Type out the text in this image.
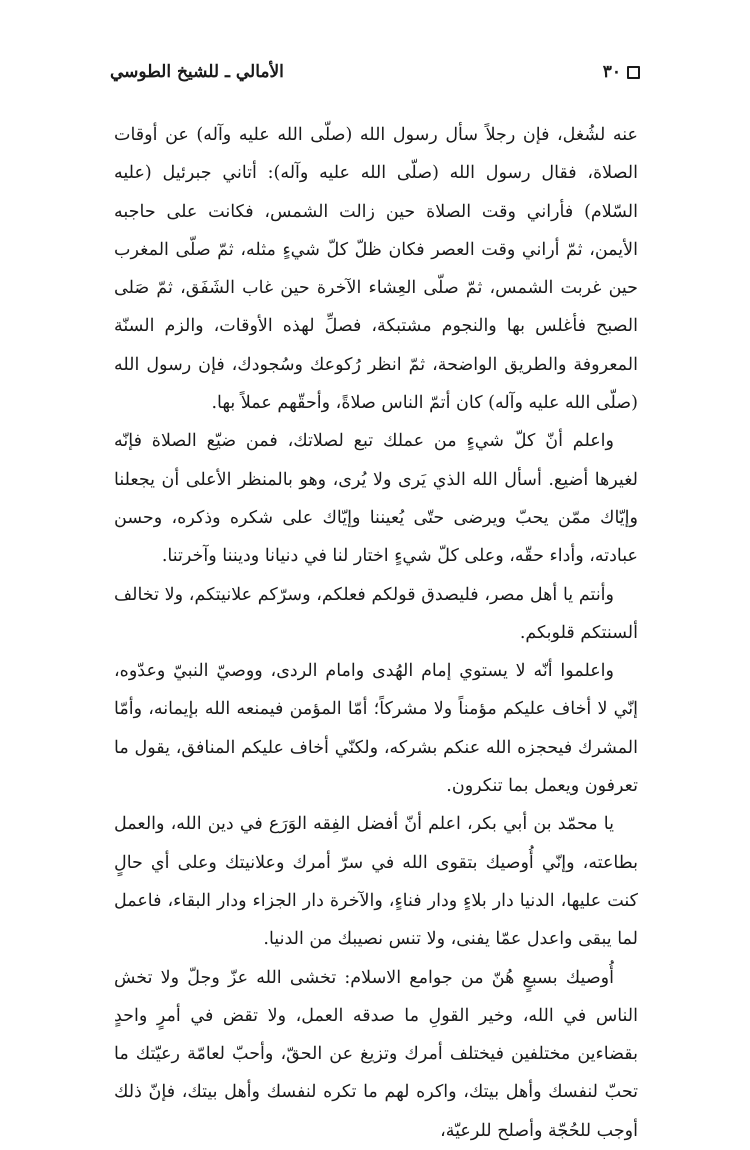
٣٠
الأمالي ـ للشيخ الطوسي

عنه لشُغل، فإن رجلاً سأل رسول الله (صلّى الله عليه وآله) عن أوقات الصلاة، فقال رسول الله (صلّى الله عليه وآله): أتاني جبرئيل (عليه السّلام) فأراني وقت الصلاة حين زالت الشمس، فكانت على حاجبه الأيمن، ثمّ أراني وقت العصر فكان ظلّ كلّ شيءٍ مثله، ثمّ صلّى المغرب حين غربت الشمس، ثمّ صلّى العِشاء الآخرة حين غاب الشَفَق، ثمّ صَلى الصبح فأغلس بها والنجوم مشتبكة، فصلِّ لهذه الأوقات، والزم السنّة المعروفة والطريق الواضحة، ثمّ انظر رُكوعك وسُجودك، فإن رسول الله (صلّى الله عليه وآله) كان أتمّ الناس صلاةً، وأحقّهم عملاً بها.

واعلم أنّ كلّ شيءٍ من عملك تبع لصلاتك، فمن ضيّع الصلاة فإنّه لغيرها أضيع. أسأل الله الذي يَرى ولا يُرى، وهو بالمنظر الأعلى أن يجعلنا وإيّاك ممّن يحبّ ويرضى حتّى يُعيننا وإيّاك على شكره وذكره، وحسن عبادته، وأداء حقّه، وعلى كلّ شيءٍ اختار لنا في دنيانا وديننا وآخرتنا.

وأنتم يا أهل مصر، فليصدق قولكم فعلكم، وسرّكم علانيتكم، ولا تخالف ألسنتكم قلوبكم.

واعلموا أنّه لا يستوي إمام الهُدى وامام الردى، ووصيّ النبيّ وعدّوه، إنّي لا أخاف عليكم مؤمناً ولا مشركاً؛ أمّا المؤمن فيمنعه الله بإيمانه، وأمّا المشرك فيحجزه الله عنكم بشركه، ولكنّي أخاف عليكم المنافق، يقول ما تعرفون ويعمل بما تنكرون.

يا محمّد بن أبي بكر، اعلم أنّ أفضل الفِقه الوَرَع في دين الله، والعمل بطاعته، وإنّي أُوصيك بتقوى الله في سرّ أمرك وعلانيتك وعلى أي حالٍ كنت عليها، الدنيا دار بلاءٍ ودار فناءٍ، والآخرة دار الجزاء ودار البقاء، فاعمل لما يبقى واعدل عمّا يفنى، ولا تنس نصيبك من الدنيا.

أُوصيك بسبعٍ هُنّ من جوامع الاسلام: تخشى الله عزّ وجلّ ولا تخش الناس في الله، وخير القولِ ما صدقه العمل، ولا تقض في أمرٍ واحدٍ بقضاءين مختلفين فيختلف أمرك وتزيغ عن الحقّ، وأحبّ لعامّة رعيّتك ما تحبّ لنفسك وأهل بيتك، واكره لهم ما تكره لنفسك وأهل بيتك، فإنّ ذلك أوجب للحُجّة وأصلح للرعيّة،
